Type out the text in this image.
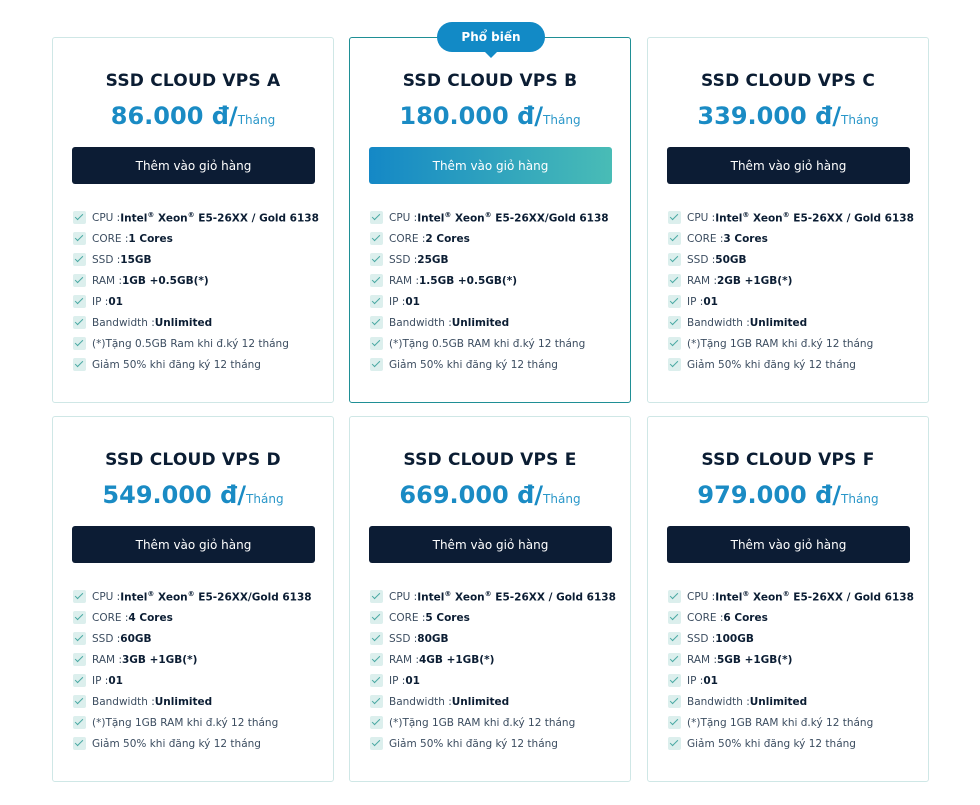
SSD CLOUD VPS A
86.000 đ/Tháng
Thêm vào giỏ hàng
CPU : Intel® Xeon® E5-26XX / Gold 6138
CORE : 1 Cores
SSD : 15GB
RAM : 1GB +0.5GB(*)
IP : 01
Bandwidth : Unlimited
(*)Tặng 0.5GB Ram khi đ.ký 12 tháng
Giảm 50% khi đăng ký 12 tháng
SSD CLOUD VPS B
180.000 đ/Tháng
Thêm vào giỏ hàng
CPU : Intel® Xeon® E5-26XX/Gold 6138
CORE : 2 Cores
SSD : 25GB
RAM : 1.5GB +0.5GB(*)
IP : 01
Bandwidth : Unlimited
(*)Tặng 0.5GB RAM khi đ.ký 12 tháng
Giảm 50% khi đăng ký 12 tháng
Phổ biến
SSD CLOUD VPS C
339.000 đ/Tháng
Thêm vào giỏ hàng
CPU : Intel® Xeon® E5-26XX / Gold 6138
CORE : 3 Cores
SSD : 50GB
RAM : 2GB +1GB(*)
IP : 01
Bandwidth : Unlimited
(*)Tặng 1GB RAM khi đ.ký 12 tháng
Giảm 50% khi đăng ký 12 tháng
SSD CLOUD VPS D
549.000 đ/Tháng
Thêm vào giỏ hàng
CPU : Intel® Xeon® E5-26XX/Gold 6138
CORE : 4 Cores
SSD : 60GB
RAM : 3GB +1GB(*)
IP : 01
Bandwidth : Unlimited
(*)Tặng 1GB RAM khi đ.ký 12 tháng
Giảm 50% khi đăng ký 12 tháng
SSD CLOUD VPS E
669.000 đ/Tháng
Thêm vào giỏ hàng
CPU : Intel® Xeon® E5-26XX / Gold 6138
CORE : 5 Cores
SSD : 80GB
RAM : 4GB +1GB(*)
IP : 01
Bandwidth : Unlimited
(*)Tặng 1GB RAM khi đ.ký 12 tháng
Giảm 50% khi đăng ký 12 tháng
SSD CLOUD VPS F
979.000 đ/Tháng
Thêm vào giỏ hàng
CPU : Intel® Xeon® E5-26XX / Gold 6138
CORE : 6 Cores
SSD : 100GB
RAM : 5GB +1GB(*)
IP : 01
Bandwidth : Unlimited
(*)Tặng 1GB RAM khi đ.ký 12 tháng
Giảm 50% khi đăng ký 12 tháng
